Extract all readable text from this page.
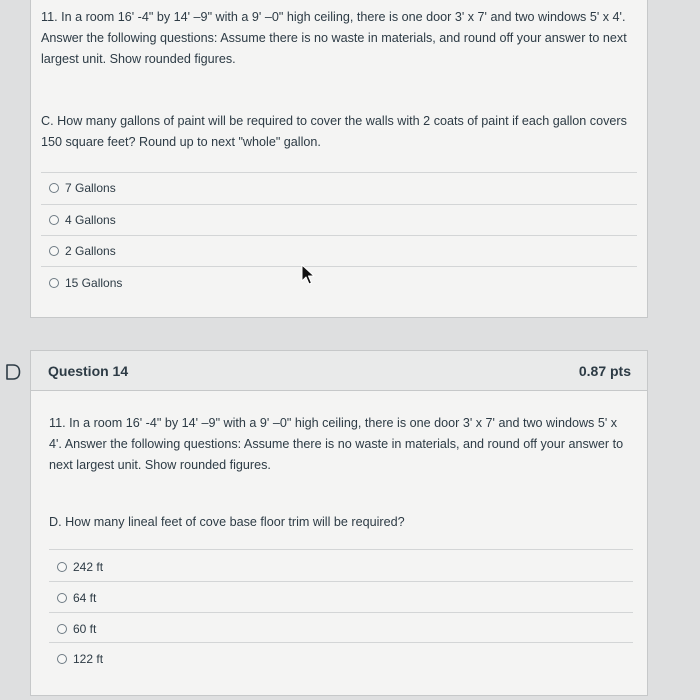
11. In a room 16' -4" by 14' –9" with a 9' –0" high ceiling, there is one door 3' x 7' and two windows 5' x 4'. Answer the following questions: Assume there is no waste in materials, and round off your answer to next largest unit. Show rounded figures.

C. How many gallons of paint will be required to cover the walls with 2 coats of paint if each gallon covers 150 square feet? Round up to next "whole" gallon.

7 Gallons
4 Gallons
2 Gallons
15 Gallons
Question 14	0.87 pts

11. In a room 16' -4" by 14' –9" with a 9' –0" high ceiling, there is one door 3' x 7' and two windows 5' x 4'. Answer the following questions: Assume there is no waste in materials, and round off your answer to next largest unit. Show rounded figures.

D. How many lineal feet of cove base floor trim will be required?

242 ft
64 ft
60 ft
122 ft
